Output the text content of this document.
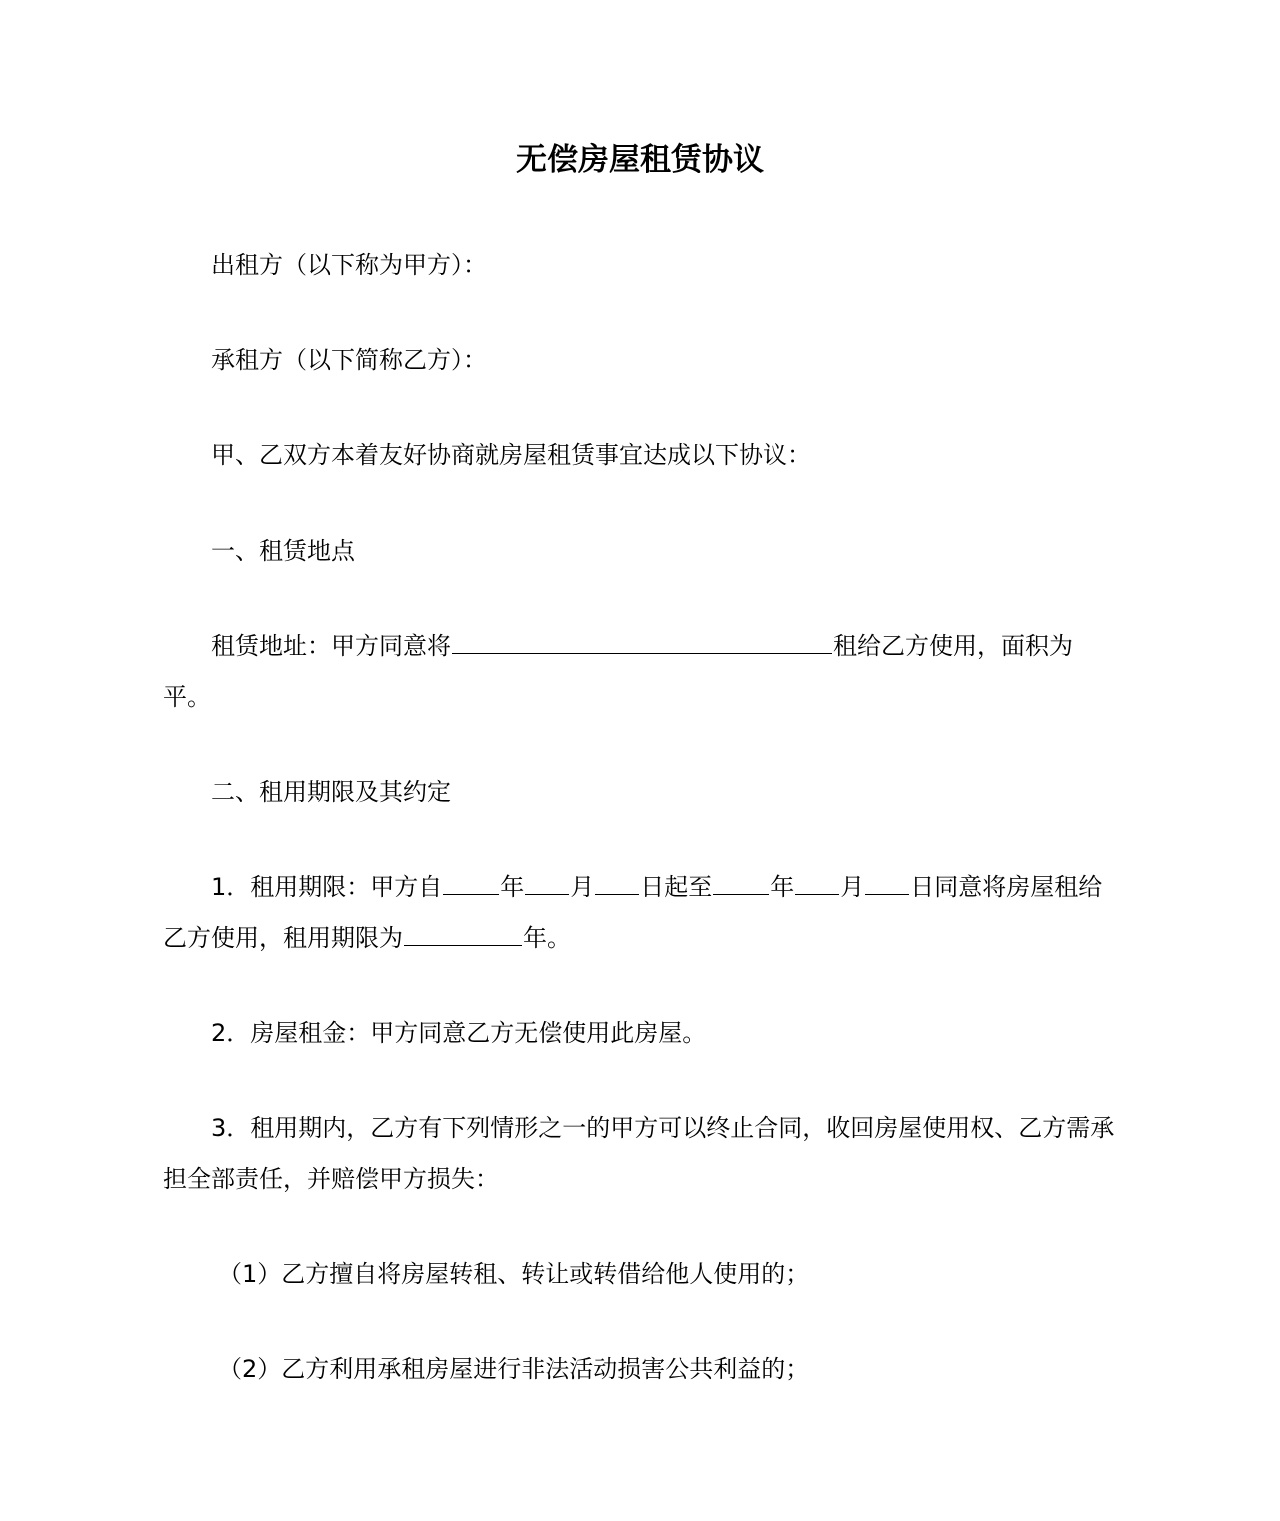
无偿房屋租赁协议

出租方（以下称为甲方）：

承租方（以下简称乙方）：

甲、乙双方本着友好协商就房屋租赁事宜达成以下协议：

一、租赁地点

租赁地址：甲方同意将	租给乙方使用，面积为

平。

二、租用期限及其约定

1．租用期限：甲方自 年 月 日起至 年 月 日同意将房屋租给

乙方使用，租用期限为	年。

2．房屋租金：甲方同意乙方无偿使用此房屋。

3．租用期内，乙方有下列情形之一的甲方可以终止合同，收回房屋使用权、乙方需承

担全部责任，并赔偿甲方损失：

（1）乙方擅自将房屋转租、转让或转借给他人使用的；

（2）乙方利用承租房屋进行非法活动损害公共利益的；
